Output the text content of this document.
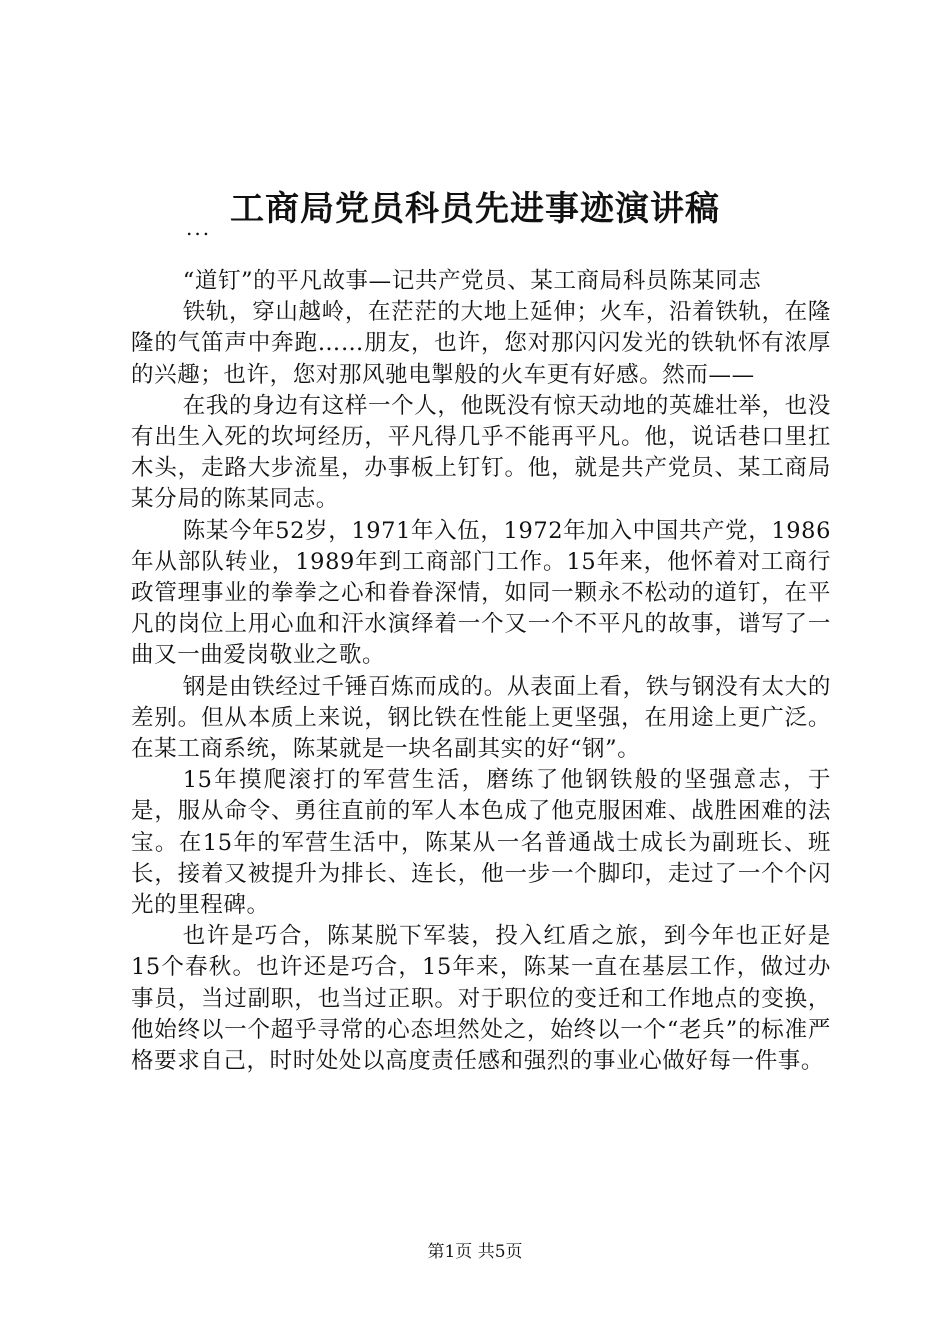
工商局党员科员先进事迹演讲稿
...

“道钉”的平凡故事—记共产党员、某工商局科员陈某同志

铁轨，穿山越岭，在茫茫的大地上延伸；火车，沿着铁轨，在隆隆的气笛声中奔跑……朋友，也许，您对那闪闪发光的铁轨怀有浓厚的兴趣；也许，您对那风驰电掣般的火车更有好感。然而——

在我的身边有这样一个人，他既没有惊天动地的英雄壮举，也没有出生入死的坎坷经历，平凡得几乎不能再平凡。他，说话巷口里扛木头，走路大步流星，办事板上钉钉。他，就是共产党员、某工商局某分局的陈某同志。

陈某今年52岁，1971年入伍，1972年加入中国共产党，1986年从部队转业，1989年到工商部门工作。15年来，他怀着对工商行政管理事业的拳拳之心和眷眷深情，如同一颗永不松动的道钉，在平凡的岗位上用心血和汗水演绎着一个又一个不平凡的故事，谱写了一曲又一曲爱岗敬业之歌。

钢是由铁经过千锤百炼而成的。从表面上看，铁与钢没有太大的差别。但从本质上来说，钢比铁在性能上更坚强，在用途上更广泛。在某工商系统，陈某就是一块名副其实的好“钢”。

15年摸爬滚打的军营生活，磨练了他钢铁般的坚强意志，于是，服从命令、勇往直前的军人本色成了他克服困难、战胜困难的法宝。在15年的军营生活中，陈某从一名普通战士成长为副班长、班长，接着又被提升为排长、连长，他一步一个脚印，走过了一个个闪光的里程碑。

也许是巧合，陈某脱下军装，投入红盾之旅，到今年也正好是15个春秋。也许还是巧合，15年来，陈某一直在基层工作，做过办事员，当过副职，也当过正职。对于职位的变迁和工作地点的变换，他始终以一个超乎寻常的心态坦然处之，始终以一个“老兵”的标准严格要求自己，时时处处以高度责任感和强烈的事业心做好每一件事。

第1页 共5页
